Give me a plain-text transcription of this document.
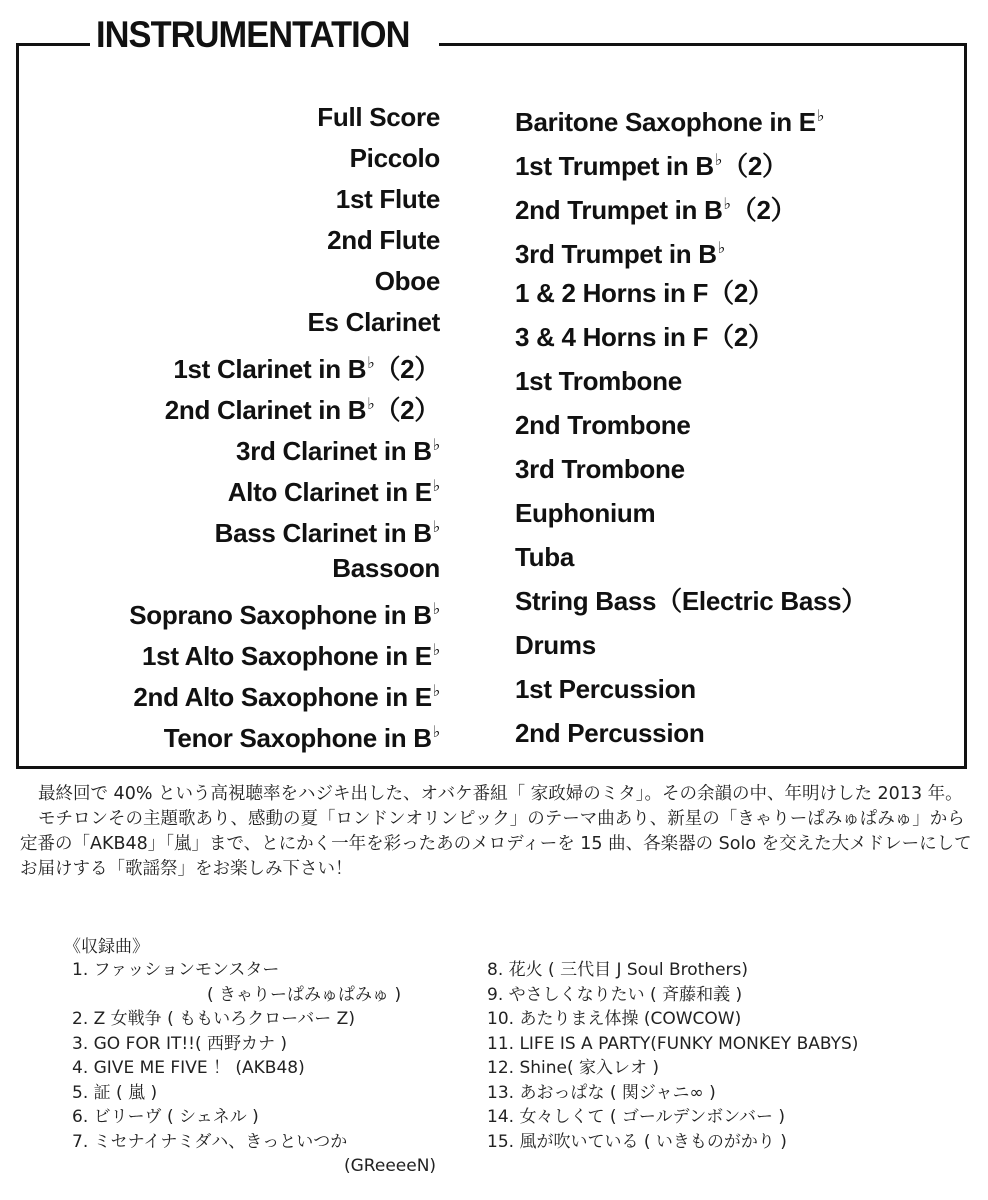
INSTRUMENTATION
Full Score
Piccolo
1st Flute
2nd Flute
Oboe
Es Clarinet
1st Clarinet in B♭（2）
2nd Clarinet in B♭（2）
3rd Clarinet in B♭
Alto Clarinet in E♭
Bass Clarinet in B♭
Bassoon
Soprano Saxophone in B♭
1st Alto Saxophone in E♭
2nd Alto Saxophone in E♭
Tenor Saxophone in B♭
Baritone Saxophone in E♭
1st Trumpet in B♭（2）
2nd Trumpet in B♭（2）
3rd Trumpet in B♭
1 & 2 Horns in F（2）
3 & 4 Horns in F（2）
1st Trombone
2nd Trombone
3rd Trombone
Euphonium
Tuba
String Bass（Electric Bass）
Drums
1st Percussion
2nd Percussion

最終回で 40% という高視聴率をハジキ出した、オバケ番組「 家政婦のミタ」。その余韻の中、年明けした 2013 年。

モチロンその主題歌あり、感動の夏「ロンドンオリンピック」のテーマ曲あり、新星の「きゃりーぱみゅぱみゅ」から定番の「AKB48」「嵐」まで、とにかく一年を彩ったあのメロディーを 15 曲、各楽器の Solo を交えた大メドレーにしてお届けする「歌謡祭」をお楽しみ下さい！

《収録曲》
1. ファッションモンスター
( きゃりーぱみゅぱみゅ )
2. Z 女戦争 ( ももいろクローバー Z)
3. GO FOR IT!!( 西野カナ )
4. GIVE ME FIVE ！ (AKB48)
5. 証 ( 嵐 )
6. ビリーヴ ( シェネル )
7. ミセナイナミダハ、きっといつか
(GReeeeN)
8. 花火 ( 三代目 J Soul Brothers)
9. やさしくなりたい ( 斉藤和義 )
10. あたりまえ体操 (COWCOW)
11. LIFE IS A PARTY(FUNKY MONKEY BABYS)
12. Shine( 家入レオ )
13. あおっぱな ( 関ジャニ∞ )
14. 女々しくて ( ゴールデンボンバー )
15. 風が吹いている ( いきものがかり )
